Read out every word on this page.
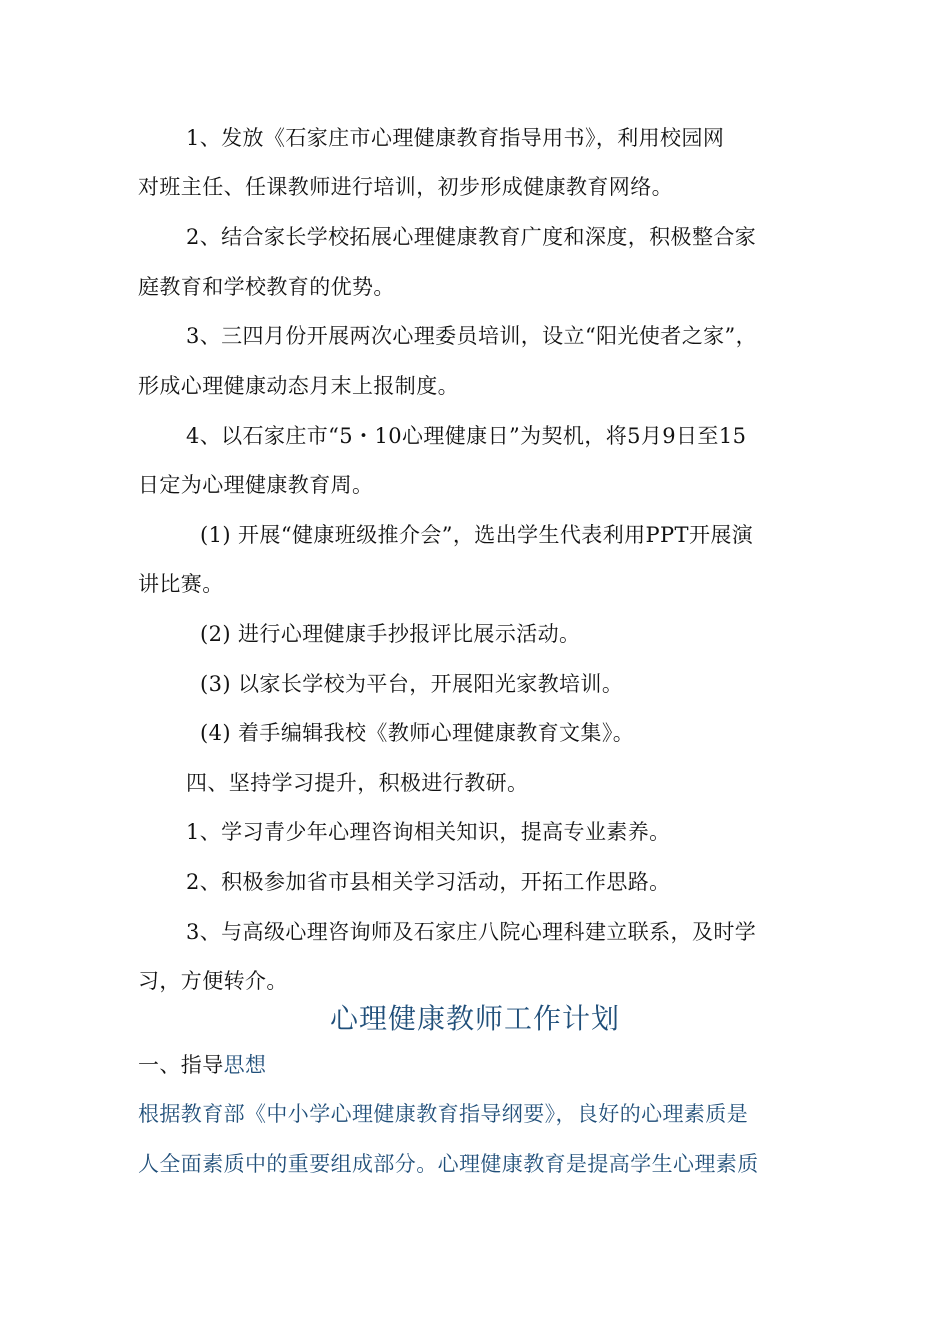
1、发放《石家庄市心理健康教育指导用书》，利用校园网
对班主任、任课教师进行培训，初步形成健康教育网络。
2、结合家长学校拓展心理健康教育广度和深度，积极整合家
庭教育和学校教育的优势。
3、三四月份开展两次心理委员培训，设立“阳光使者之家”，
形成心理健康动态月末上报制度。
4、以石家庄市“5・10心理健康日”为契机，将5月9日至15
日定为心理健康教育周。
(1) 开展“健康班级推介会”，选出学生代表利用PPT开展演
讲比赛。
(2) 进行心理健康手抄报评比展示活动。
(3) 以家长学校为平台，开展阳光家教培训。
(4) 着手编辑我校《教师心理健康教育文集》。
四、坚持学习提升，积极进行教研。
1、学习青少年心理咨询相关知识，提高专业素养。
2、积极参加省市县相关学习活动，开拓工作思路。
3、与高级心理咨询师及石家庄八院心理科建立联系，及时学
习，方便转介。
心理健康教师工作计划
一、指导思想
根据教育部《中小学心理健康教育指导纲要》，良好的心理素质是
人全面素质中的重要组成部分。心理健康教育是提高学生心理素质
